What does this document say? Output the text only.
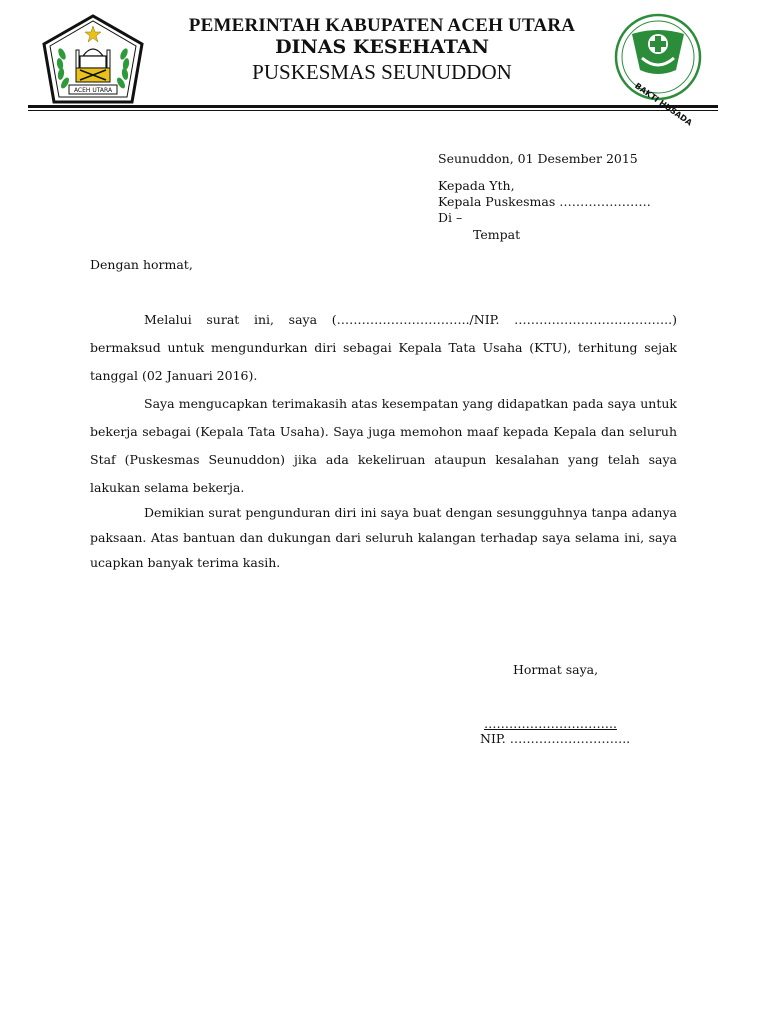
ACEH UTARA
PEMERINTAH KABUPATEN ACEH UTARA
DINAS KESEHATAN
PUSKESMAS SEUNUDDON
Seunuddon, 01 Desember 2015
Kepada Yth,
Kepala Puskesmas ………………….
Di –
Tempat
Dengan hormat,
Melalui surat ini, saya (…………………………../NIP. ………………………………..)
bermaksud untuk mengundurkan diri sebagai Kepala Tata Usaha (KTU), terhitung sejak tanggal (02 Januari 2016).
Saya mengucapkan terimakasih atas kesempatan yang didapatkan pada saya untuk bekerja sebagai (Kepala Tata Usaha). Saya juga memohon maaf kepada Kepala dan seluruh Staf (Puskesmas Seunuddon) jika ada kekeliruan ataupun kesalahan yang telah saya lakukan selama bekerja.
Demikian surat pengunduran diri ini saya buat dengan sesungguhnya tanpa adanya paksaan. Atas bantuan dan dukungan dari seluruh kalangan terhadap saya selama ini, saya ucapkan banyak terima kasih.
Hormat saya,
…………………………..
NIP. ………………………..
